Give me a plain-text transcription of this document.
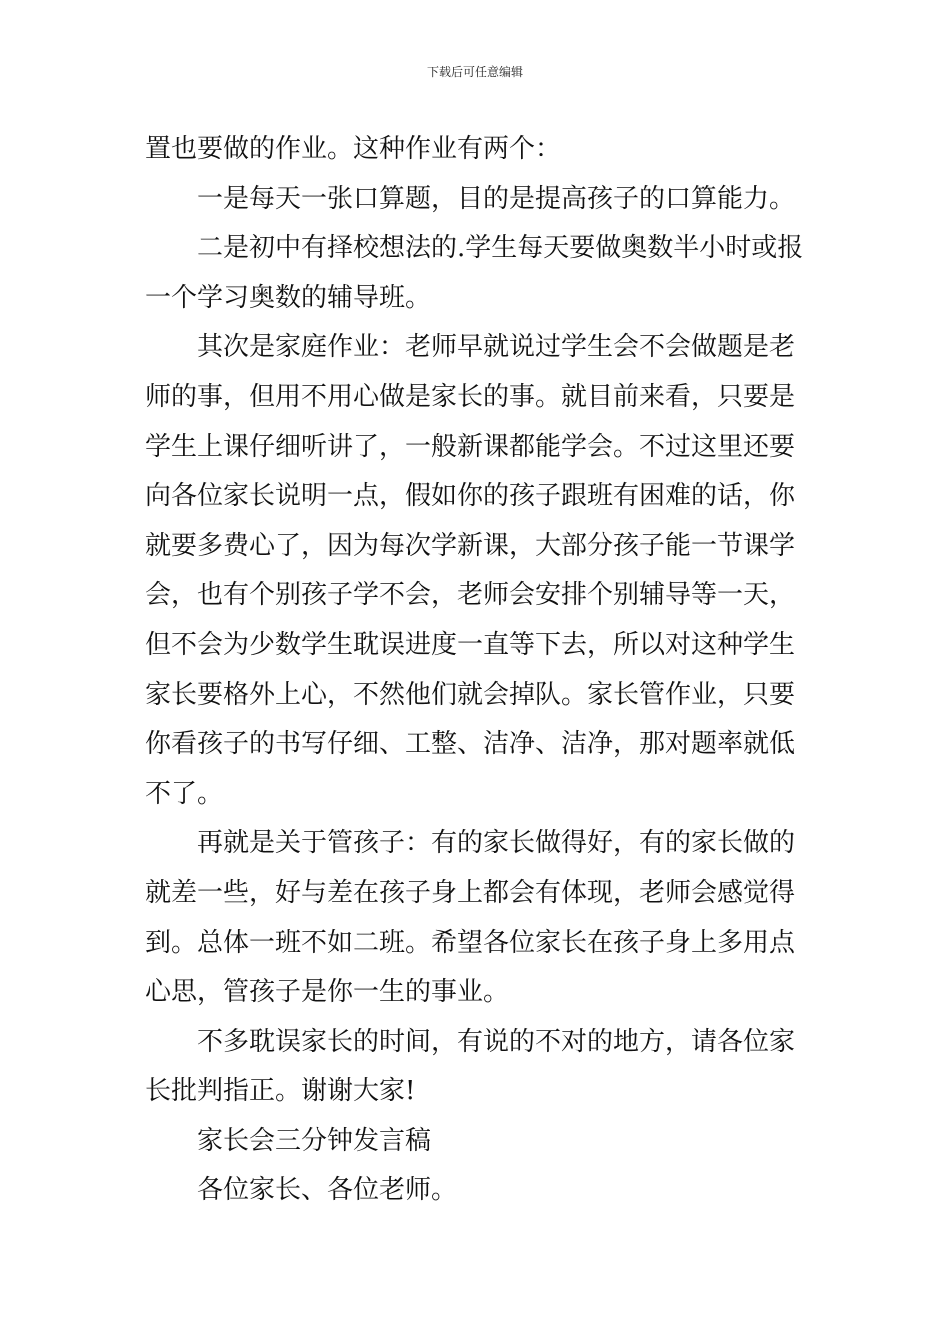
下载后可任意编辑
置也要做的作业。这种作业有两个：
一是每天一张口算题，目的是提高孩子的口算能力。
二是初中有择校想法的.学生每天要做奥数半小时或报
一个学习奥数的辅导班。
其次是家庭作业：老师早就说过学生会不会做题是老
师的事，但用不用心做是家长的事。就目前来看，只要是
学生上课仔细听讲了，一般新课都能学会。不过这里还要
向各位家长说明一点，假如你的孩子跟班有困难的话，你
就要多费心了，因为每次学新课，大部分孩子能一节课学
会，也有个别孩子学不会，老师会安排个别辅导等一天，
但不会为少数学生耽误进度一直等下去，所以对这种学生
家长要格外上心，不然他们就会掉队。家长管作业，只要
你看孩子的书写仔细、工整、洁净、洁净，那对题率就低
不了。
再就是关于管孩子：有的家长做得好，有的家长做的
就差一些，好与差在孩子身上都会有体现，老师会感觉得
到。总体一班不如二班。希望各位家长在孩子身上多用点
心思，管孩子是你一生的事业。
不多耽误家长的时间，有说的不对的地方，请各位家
长批判指正。谢谢大家!
家长会三分钟发言稿
各位家长、各位老师。
